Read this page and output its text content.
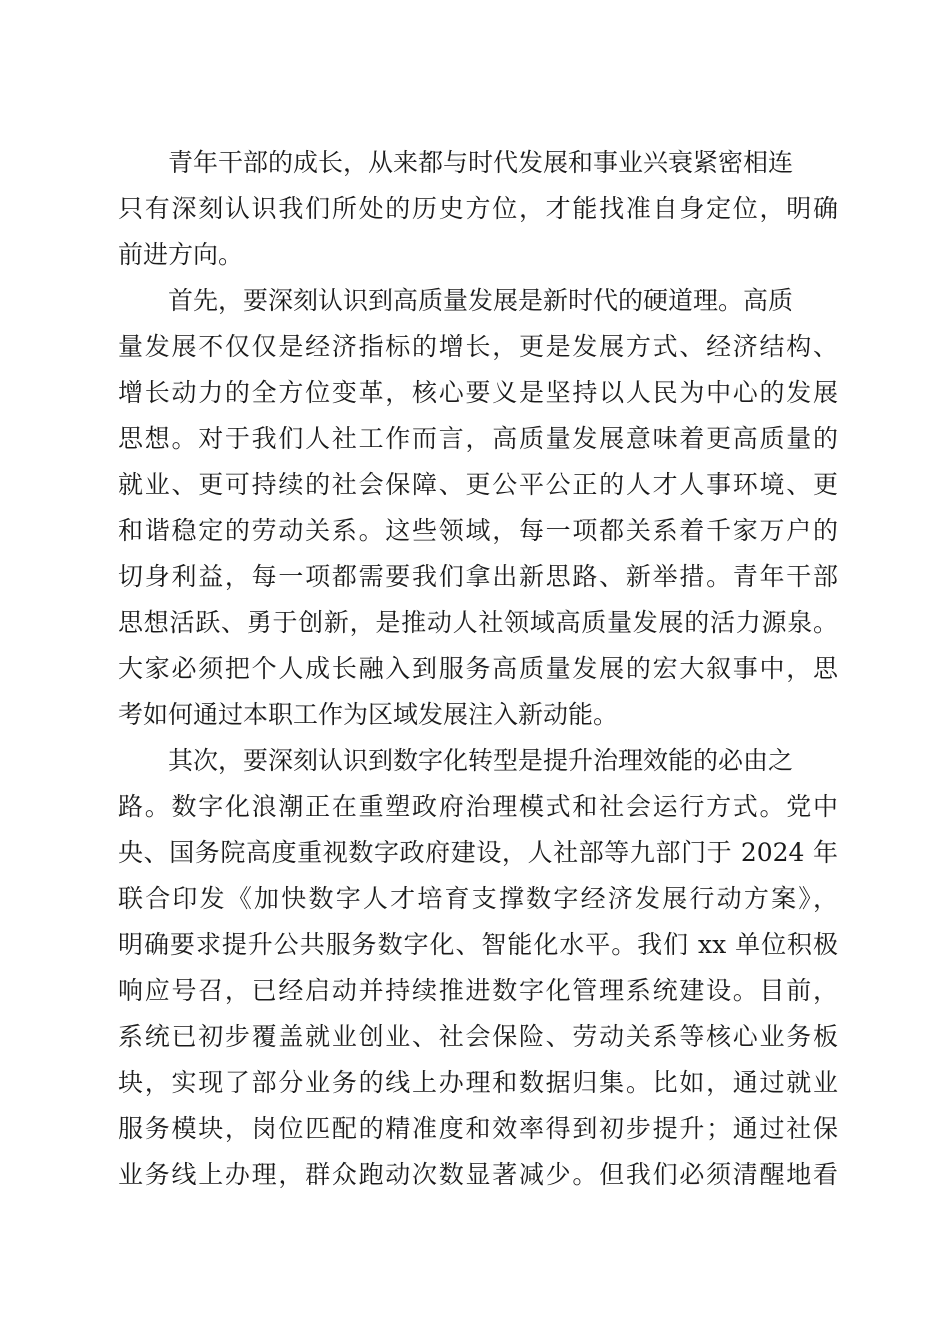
青年干部的成长，从来都与时代发展和事业兴衰紧密相连
只有深刻认识我们所处的历史方位，才能找准自身定位，明确
前进方向。
首先，要深刻认识到高质量发展是新时代的硬道理。高质
量发展不仅仅是经济指标的增长，更是发展方式、经济结构、
增长动力的全方位变革，核心要义是坚持以人民为中心的发展
思想。对于我们人社工作而言，高质量发展意味着更高质量的
就业、更可持续的社会保障、更公平公正的人才人事环境、更
和谐稳定的劳动关系。这些领域，每一项都关系着千家万户的
切身利益，每一项都需要我们拿出新思路、新举措。青年干部
思想活跃、勇于创新，是推动人社领域高质量发展的活力源泉。
大家必须把个人成长融入到服务高质量发展的宏大叙事中，思
考如何通过本职工作为区域发展注入新动能。
其次，要深刻认识到数字化转型是提升治理效能的必由之
路。数字化浪潮正在重塑政府治理模式和社会运行方式。党中
央、国务院高度重视数字政府建设，人社部等九部门于 2024 年
联合印发《加快数字人才培育支撑数字经济发展行动方案》，
明确要求提升公共服务数字化、智能化水平。我们 xx 单位积极
响应号召，已经启动并持续推进数字化管理系统建设。目前，
系统已初步覆盖就业创业、社会保险、劳动关系等核心业务板
块，实现了部分业务的线上办理和数据归集。比如，通过就业
服务模块，岗位匹配的精准度和效率得到初步提升；通过社保
业务线上办理，群众跑动次数显著减少。但我们必须清醒地看
